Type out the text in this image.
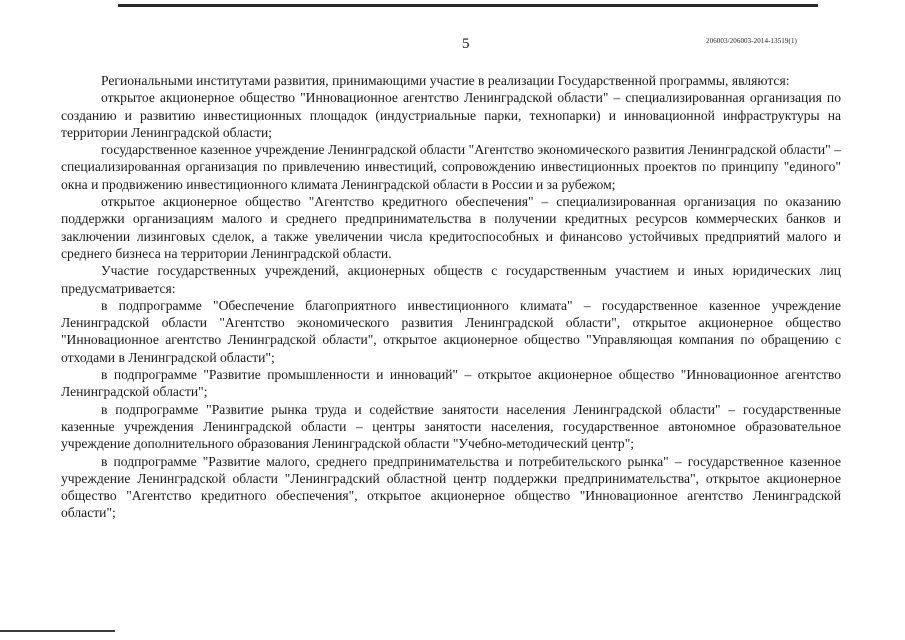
5	206003/206003-2014-13519(1)

Региональными институтами развития, принимающими участие в реализации Государственной программы, являются:

открытое акционерное общество "Инновационное агентство Ленинградской области" – специализированная организация по созданию и развитию инвестиционных площадок (индустриальные парки, технопарки) и инновационной инфраструктуры на территории Ленинградской области;

государственное казенное учреждение Ленинградской области "Агентство экономического развития Ленинградской области" – специализированная организация по привлечению инвестиций, сопровождению инвестиционных проектов по принципу "единого" окна и продвижению инвестиционного климата Ленинградской области в России и за рубежом;

открытое акционерное общество "Агентство кредитного обеспечения" – специализированная организация по оказанию поддержки организациям малого и среднего предпринимательства в получении кредитных ресурсов коммерческих банков и заключении лизинговых сделок, а также увеличении числа кредитоспособных и финансово устойчивых предприятий малого и среднего бизнеса на территории Ленинградской области.

Участие государственных учреждений, акционерных обществ с государственным участием и иных юридических лиц предусматривается:

в подпрограмме "Обеспечение благоприятного инвестиционного климата" – государственное казенное учреждение Ленинградской области "Агентство экономического развития Ленинградской области", открытое акционерное общество "Инновационное агентство Ленинградской области", открытое акционерное общество "Управляющая компания по обращению с отходами в Ленинградской области";

в подпрограмме "Развитие промышленности и инноваций" – открытое акционерное общество "Инновационное агентство Ленинградской области";

в подпрограмме "Развитие рынка труда и содействие занятости населения Ленинградской области" – государственные казенные учреждения Ленинградской области – центры занятости населения, государственное автономное образовательное учреждение дополнительного образования Ленинградской области "Учебно-методический центр";

в подпрограмме "Развитие малого, среднего предпринимательства и потребительского рынка" – государственное казенное учреждение Ленинградской области "Ленинградский областной центр поддержки предпринимательства", открытое акционерное общество "Агентство кредитного обеспечения", открытое акционерное общество "Инновационное агентство Ленинградской области";
